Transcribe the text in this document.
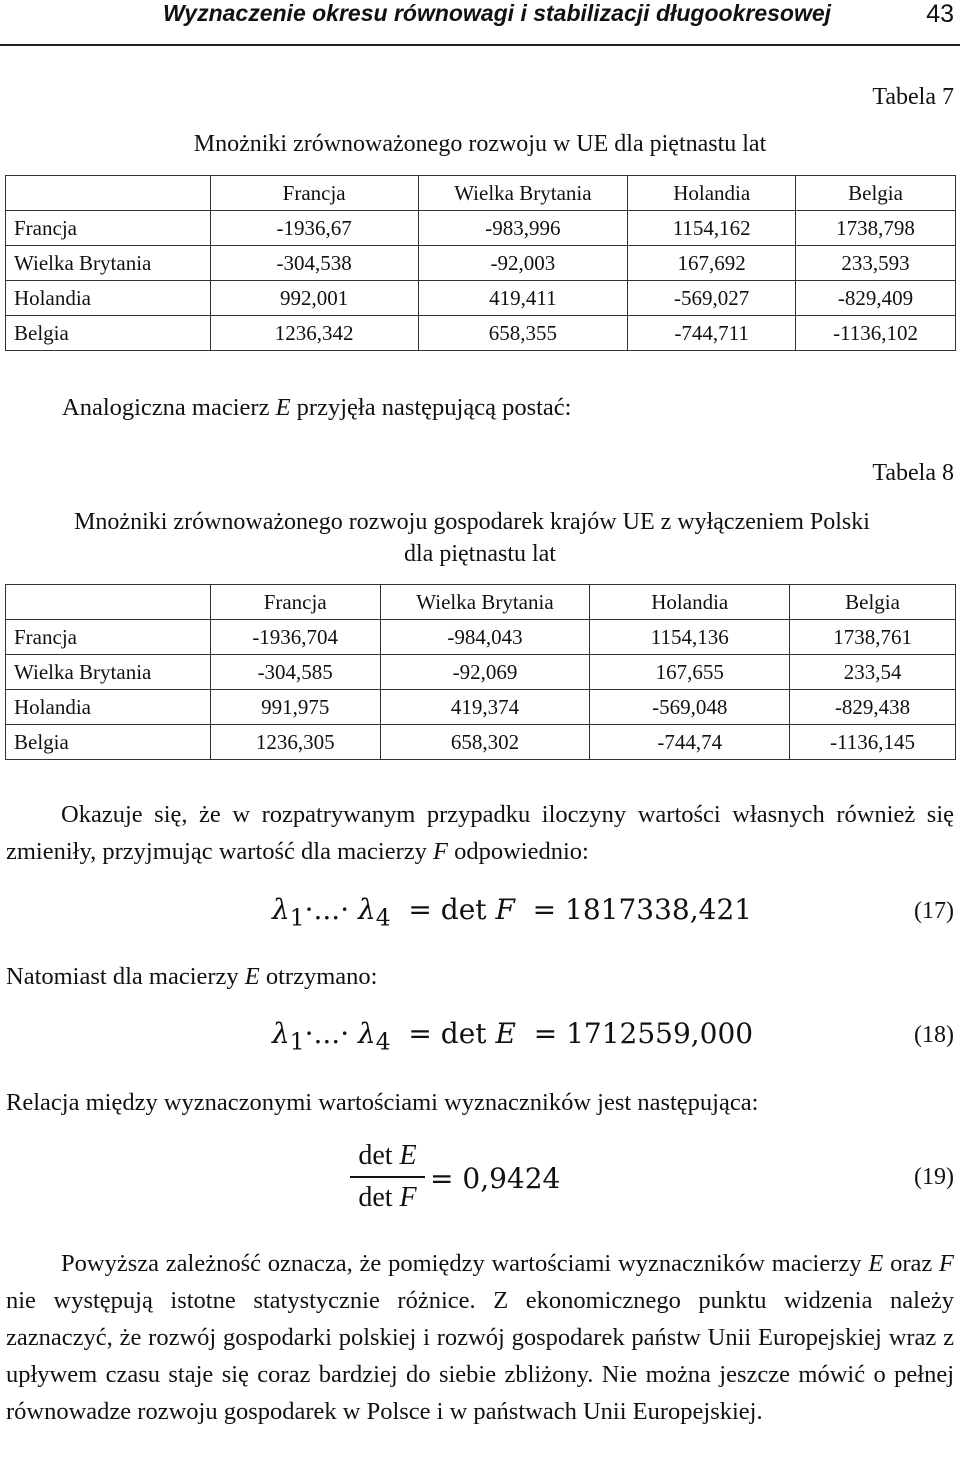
Wyznaczenie okresu równowagi i stabilizacji długookresowej	43
Tabela 7
Mnożniki zrównoważonego rozwoju w UE dla piętnastu lat
	Francja	Wielka Brytania	Holandia	Belgia
Francja	-1936,67	-983,996	1154,162	1738,798
Wielka Brytania	-304,538	-92,003	167,692	233,593
Holandia	992,001	419,411	-569,027	-829,409
Belgia	1236,342	658,355	-744,711	-1136,102
Analogiczna macierz E przyjęła następującą postać:
Tabela 8
Mnożniki zrównoważonego rozwoju gospodarek krajów UE z wyłączeniem Polski
dla piętnastu lat
	Francja	Wielka Brytania	Holandia	Belgia
Francja	-1936,704	-984,043	1154,136	1738,761
Wielka Brytania	-304,585	-92,069	167,655	233,54
Holandia	991,975	419,374	-569,048	-829,438
Belgia	1236,305	658,302	-744,74	-1136,145
Okazuje się, że w rozpatrywanym przypadku iloczyny wartości własnych również się zmieniły, przyjmując wartość dla macierzy F odpowiednio:
$\lambda_1\cdot...\cdot \lambda_4 = \det F = 1817338,421$	(17)
Natomiast dla macierzy E otrzymano:
$\lambda_1\cdot...\cdot \lambda_4 = \det E = 1712559,000$	(18)
Relacja między wyznaczonymi wartościami wyznaczników jest następująca:
det E
det F
= 0,9424	(19)
Powyższa zależność oznacza, że pomiędzy wartościami wyznaczników macierzy E oraz F nie występują istotne statystycznie różnice. Z ekonomicznego punktu widzenia należy zaznaczyć, że rozwój gospodarki polskiej i rozwój gospodarek państw Unii Europejskiej wraz z upływem czasu staje się coraz bardziej do siebie zbliżony. Nie można jeszcze mówić o pełnej równowadze rozwoju gospodarek w Polsce i w państwach Unii Europejskiej.
